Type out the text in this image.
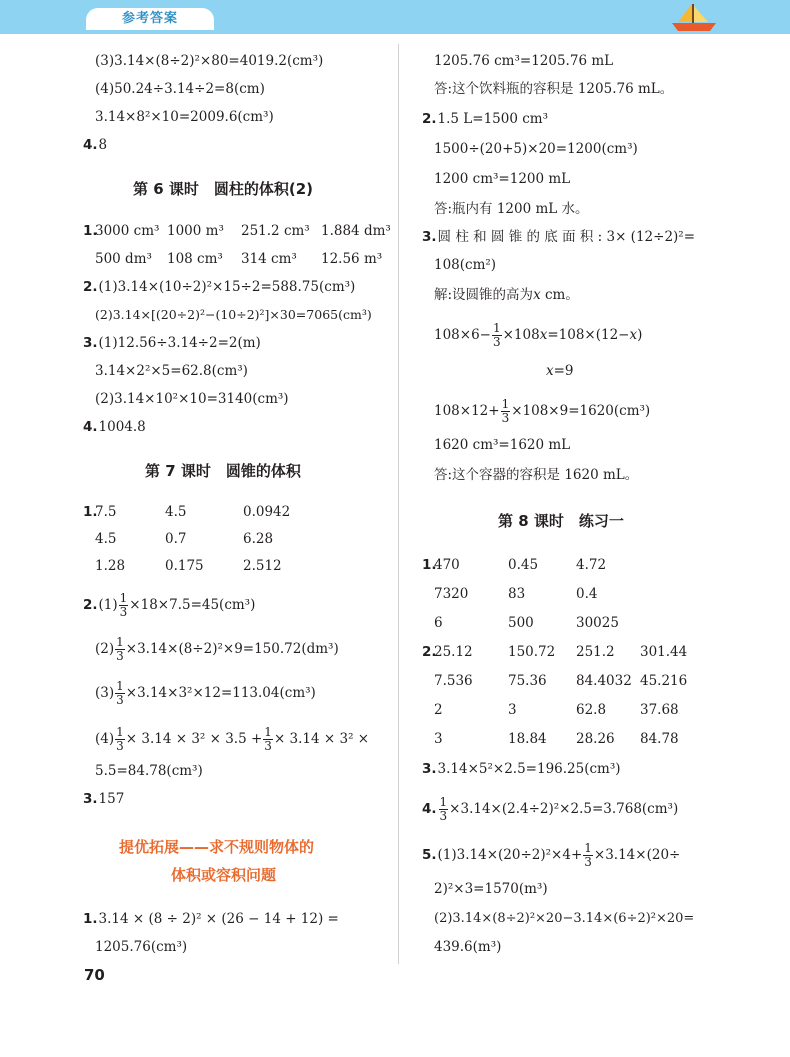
参考答案
(3)3.14×(8÷2)²×80=4019.2(cm³)
(4)50.24÷3.14÷2=8(cm)
3.14×8²×10=2009.6(cm³)
4.8
第 6 课时　圆柱的体积(2)
1.
3000 cm³ 1000 m³ 251.2 cm³ 1.884 dm³
500 dm³ 108 cm³ 314 cm³ 12.56 m³
2.(1)3.14×(10÷2)²×15÷2=588.75(cm³)
(2)3.14×[(20÷2)²−(10÷2)²]×30=7065(cm³)
3.(1)12.56÷3.14÷2=2(m)
3.14×2²×5=62.8(cm³)
(2)3.14×10²×10=3140(cm³)
4.1004.8
第 7 课时　圆锥的体积
1.
7.5	4.5	0.0942
4.5	0.7	6.28
1.28	0.175	2.512
$2.(1) \frac{1}{3} \times 18\times 7.5=45(cm^3)$
$(2) \frac{1}{3} \times 3.14\times(8\div 2)^2\times 9=150.72(dm^3)$
$(3) \frac{1}{3} \times 3.14\times 3^2\times 12=113.04(cm^3)$
$(4) \frac{1}{3} \times 3.14 \times 3^2 \times 3.5 + \frac{1}{3} \times 3.14 \times 3^2$ ×
5.5=84.78(cm³)
3.157
提优拓展——求不规则物体的
体积或容积问题
1.3.14 × (8 ÷ 2)² × (26 − 14 + 12) =
1205.76(cm³)
70
1205.76 cm³=1205.76 mL
答:这个饮料瓶的容积是 1205.76 mL。
2.1.5 L=1500 cm³
1500÷(20+5)×20=1200(cm³)
1200 cm³=1200 mL
答:瓶内有 1200 mL 水。
3.圆 柱 和 圆 锥 的 底 面 积 : 3× (12÷2)²=
108(cm²)
解:设圆锥的高为x cm。
$108\times 6- \frac{1}{3} \times 108x=108\times(12-x)$
x=9
$108\times 12+ \frac{1}{3} \times 108\times 9=1620(cm^3)$
1620 cm³=1620 mL
答:这个容器的容积是 1620 mL。
第 8 课时　练习一
1.
470	0.45	4.72
7320	83	0.4
6	500	30025
2.
25.12	150.72 251.2 301.44
7.536	75.36 84.4032 45.216
2	3	62.8	37.68
3	18.84 28.26 84.78
3.3.14×5²×2.5=196.25(cm³)
4. $\frac{1}{3} \times 3.14\times(2.4\div 2)^2\times 2.5=3.768(cm^3)$
$5.(1)3.14\times(20\div 2)^2\times 4+ \frac{1}{3} \times 3.14\times(20\div$
2)²×3=1570(m³)
(2)3.14×(8÷2)²×20−3.14×(6÷2)²×20=
439.6(m³)
